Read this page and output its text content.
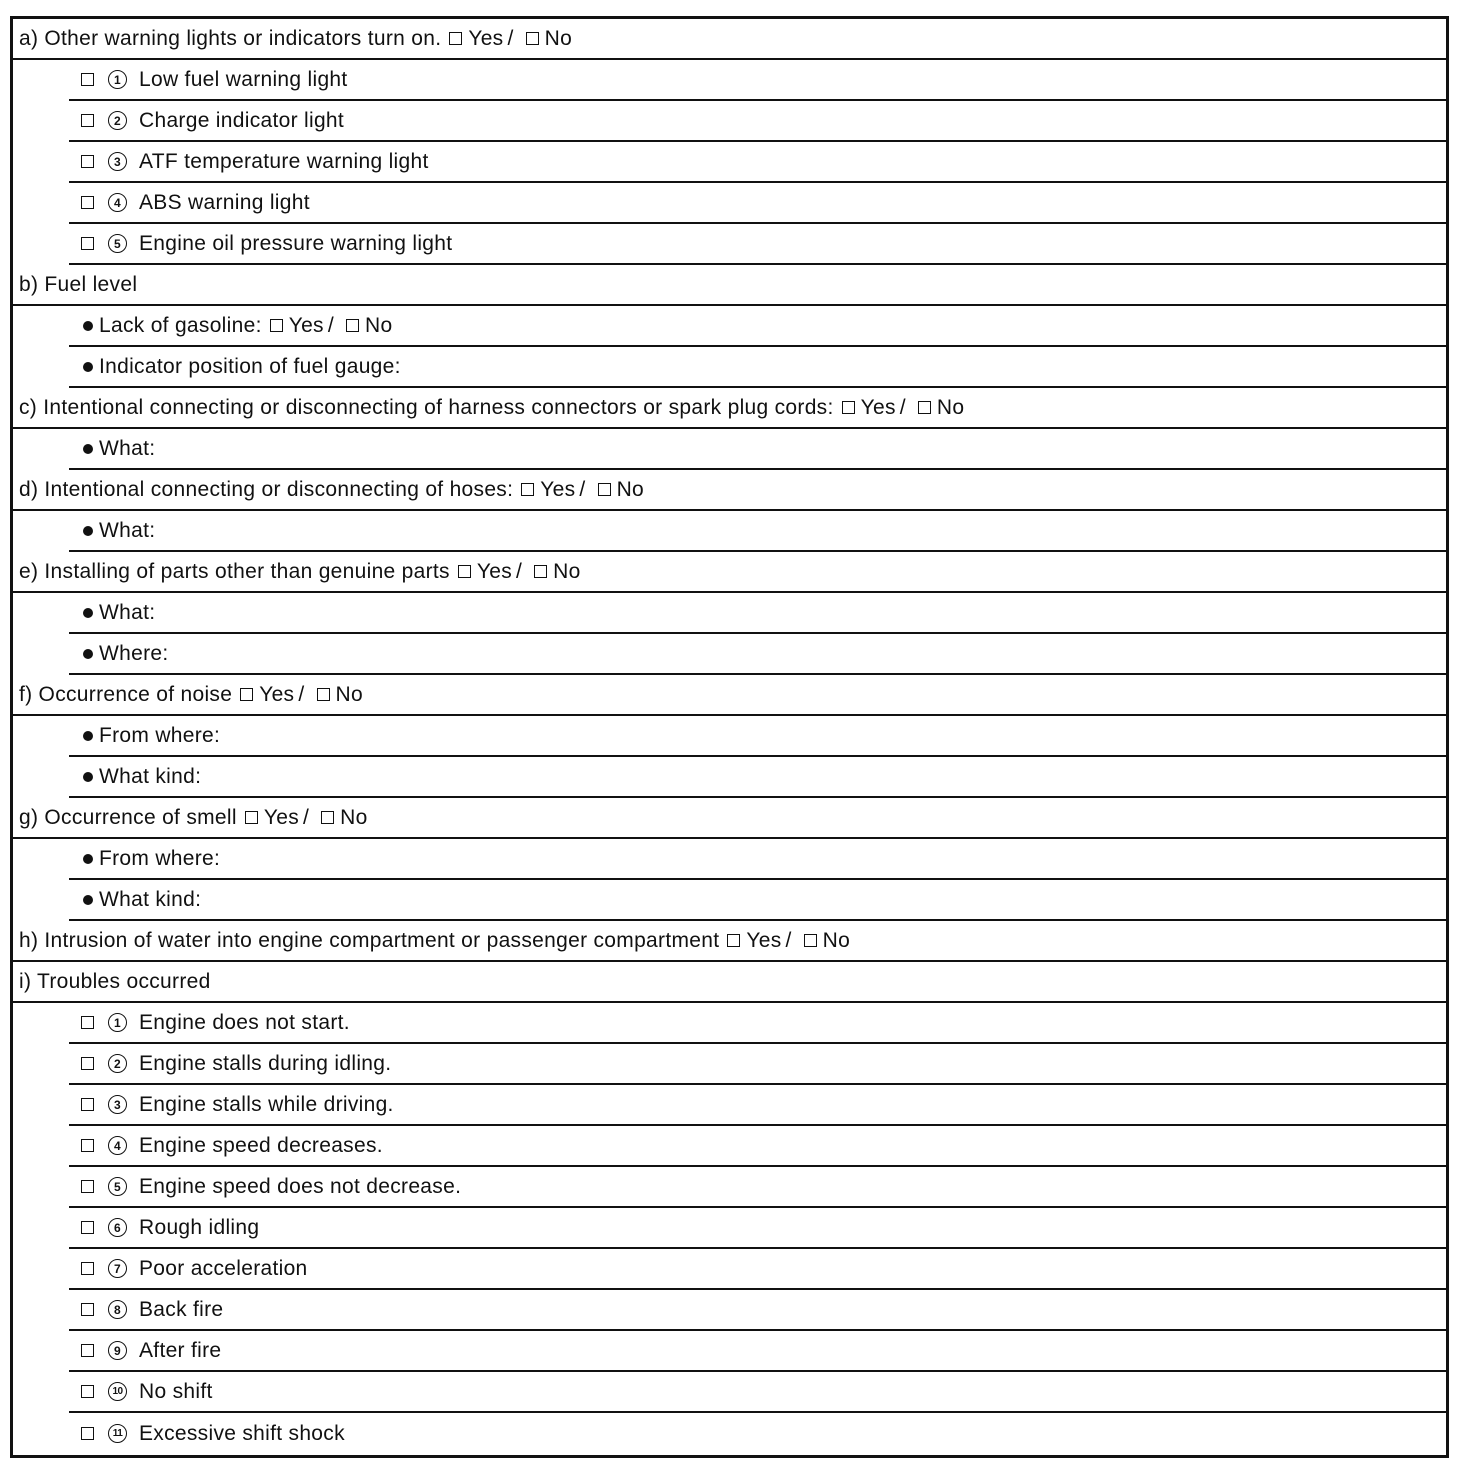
a) Other warning lights or indicators turn on. Yes / No
1 Low fuel warning light
2 Charge indicator light
3 ATF temperature warning light
4 ABS warning light
5 Engine oil pressure warning light
b) Fuel level
Lack of gasoline: Yes / No
Indicator position of fuel gauge:
c) Intentional connecting or disconnecting of harness connectors or spark plug cords: Yes / No
What:
d) Intentional connecting or disconnecting of hoses: Yes / No
What:
e) Installing of parts other than genuine parts Yes / No
What:
Where:
f) Occurrence of noise Yes / No
From where:
What kind:
g) Occurrence of smell Yes / No
From where:
What kind:
h) Intrusion of water into engine compartment or passenger compartment Yes / No
i) Troubles occurred
1 Engine does not start.
2 Engine stalls during idling.
3 Engine stalls while driving.
4 Engine speed decreases.
5 Engine speed does not decrease.
6 Rough idling
7 Poor acceleration
8 Back fire
9 After fire
10 No shift
11 Excessive shift shock
